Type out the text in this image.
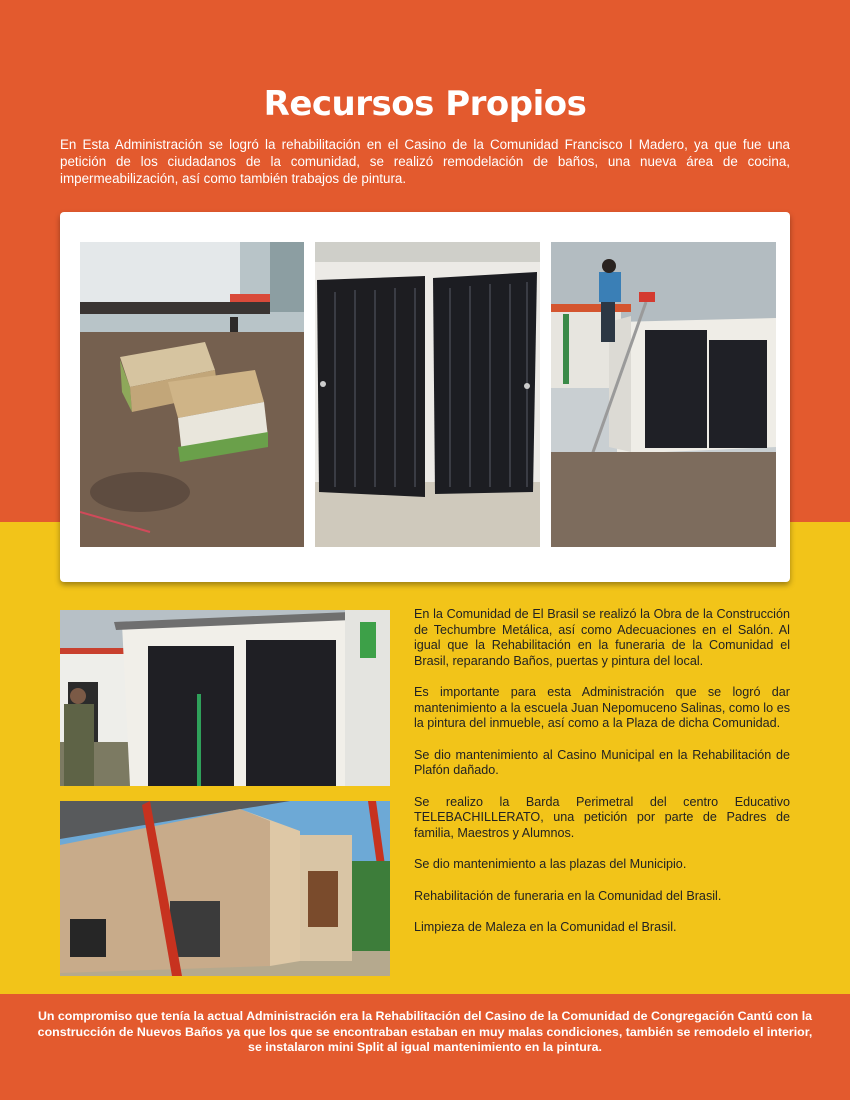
Recursos Propios

En Esta Administración se logró la rehabilitación en el Casino de la Comunidad Francisco I Madero, ya que fue una petición de los ciudadanos de la comunidad, se realizó remodelación de baños, una nueva área de cocina, impermeabilización, así como también trabajos de pintura.

En la Comunidad de El Brasil se realizó la Obra de la Construcción de Techumbre Metálica, así como Adecuaciones en el Salón. Al igual que la Rehabilitación en la funeraria de la Comunidad el Brasil, reparando Baños, puertas y pintura del local.

Es importante para esta Administración que se logró dar mantenimiento a la escuela Juan Nepomuceno Salinas, como lo es la pintura del inmueble, así como a la Plaza de dicha Comunidad.

Se dio mantenimiento al Casino Municipal en la Rehabilitación de Plafón dañado.

Se realizo la Barda Perimetral del centro Educativo TELEBACHILLERATO, una petición por parte de Padres de familia, Maestros y Alumnos.

Se dio mantenimiento a las plazas del Municipio.

Rehabilitación de funeraria en la Comunidad del Brasil.

Limpieza de Maleza en la Comunidad el Brasil.

Un compromiso que tenía la actual Administración era la Rehabilitación del Casino de la Comunidad de Congregación Cantú con la construcción de Nuevos Baños ya que los que se encontraban estaban en muy malas condiciones, también se remodelo el interior, se instalaron mini Split al igual mantenimiento en la pintura.
